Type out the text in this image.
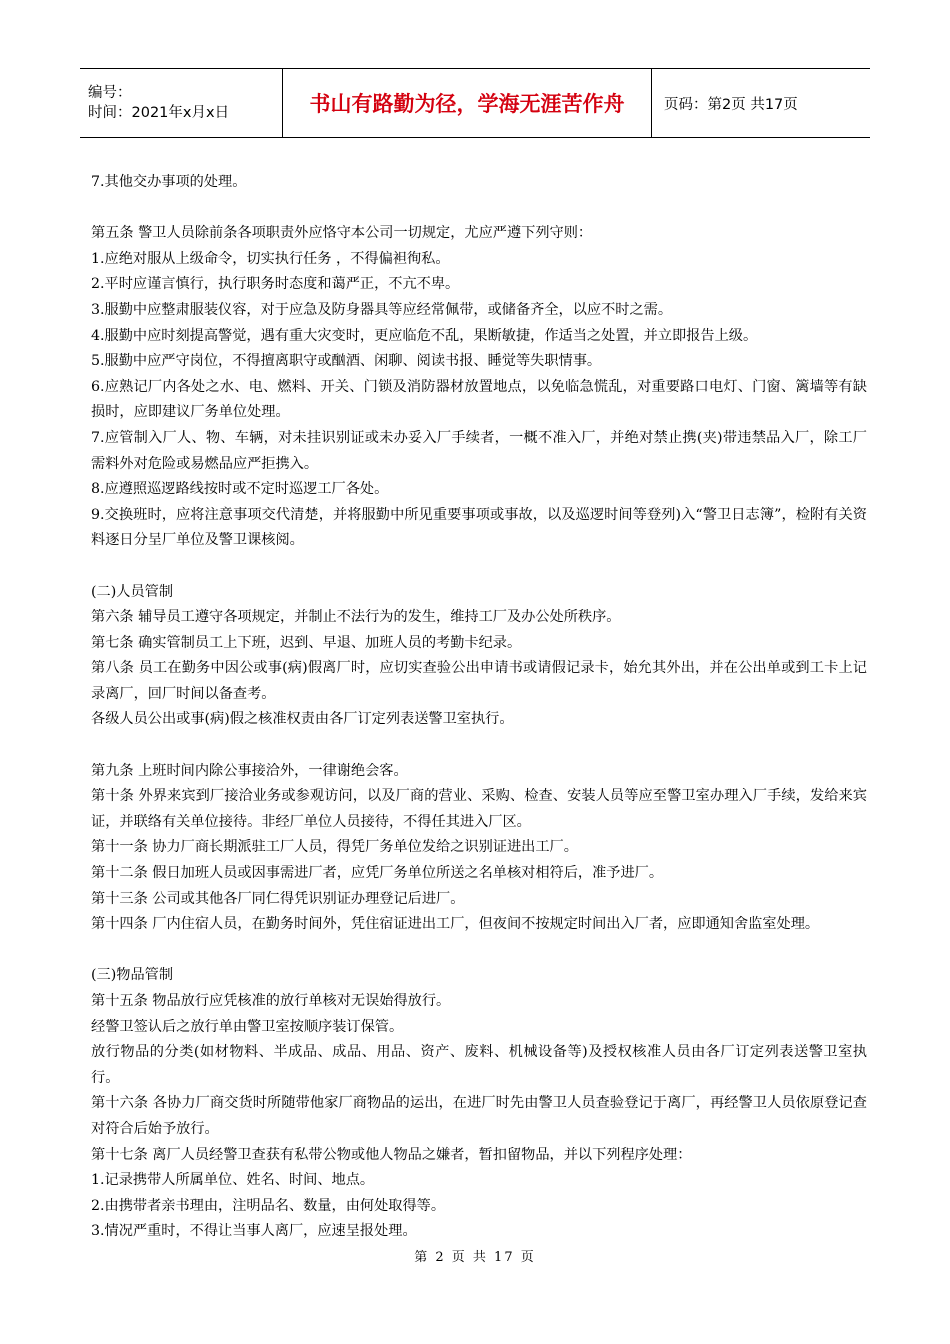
编号：
时间：2021年x月x日	书山有路勤为径，学海无涯苦作舟	页码：第2页 共17页

7.其他交办事项的处理。

第五条 警卫人员除前条各项职责外应恪守本公司一切规定，尤应严遵下列守则：

1.应绝对服从上级命令，切实执行任务 ，不得偏袒徇私。

2.平时应谨言慎行，执行职务时态度和蔼严正，不亢不卑。

3.服勤中应整肃服装仪容，对于应急及防身器具等应经常佩带，或储备齐全，以应不时之需。

4.服勤中应时刻提高警觉，遇有重大灾变时，更应临危不乱，果断敏捷，作适当之处置，并立即报告上级。

5.服勤中应严守岗位，不得擅离职守或酗酒、闲聊、阅读书报、睡觉等失职情事。

6.应熟记厂内各处之水、电、燃料、开关、门锁及消防器材放置地点，以免临急慌乱，对重要路口电灯、门窗、篱墙等有缺损时，应即建议厂务单位处理。

7.应管制入厂人、物、车辆，对未挂识别证或未办妥入厂手续者，一概不准入厂，并绝对禁止携(夹)带违禁品入厂，除工厂需料外对危险或易燃品应严拒携入。

8.应遵照巡逻路线按时或不定时巡逻工厂各处。

9.交换班时，应将注意事项交代清楚，并将服勤中所见重要事项或事故，以及巡逻时间等登列)入“警卫日志簿”，检附有关资料逐日分呈厂单位及警卫课核阅。

(二)人员管制

第六条 辅导员工遵守各项规定，并制止不法行为的发生，维持工厂及办公处所秩序。

第七条 确实管制员工上下班，迟到、早退、加班人员的考勤卡纪录。

第八条 员工在勤务中因公或事(病)假离厂时，应切实查验公出申请书或请假记录卡，始允其外出，并在公出单或到工卡上记录离厂，回厂时间以备查考。

各级人员公出或事(病)假之核准权责由各厂订定列表送警卫室执行。

第九条 上班时间内除公事接洽外，一律谢绝会客。

第十条 外界来宾到厂接洽业务或参观访问，以及厂商的营业、采购、检查、安装人员等应至警卫室办理入厂手续，发给来宾证，并联络有关单位接待。非经厂单位人员接待，不得任其进入厂区。

第十一条 协力厂商长期派驻工厂人员，得凭厂务单位发给之识别证进出工厂。

第十二条 假日加班人员或因事需进厂者，应凭厂务单位所送之名单核对相符后，准予进厂。

第十三条 公司或其他各厂同仁得凭识别证办理登记后进厂。

第十四条 厂内住宿人员，在勤务时间外，凭住宿证进出工厂，但夜间不按规定时间出入厂者，应即通知舍监室处理。

(三)物品管制

第十五条 物品放行应凭核准的放行单核对无误始得放行。

经警卫签认后之放行单由警卫室按顺序装订保管。

放行物品的分类(如材物料、半成品、成品、用品、资产、废料、机械设备等)及授权核准人员由各厂订定列表送警卫室执行。

第十六条 各协力厂商交货时所随带他家厂商物品的运出，在进厂时先由警卫人员查验登记于离厂，再经警卫人员依原登记查对符合后始予放行。

第十七条 离厂人员经警卫查获有私带公物或他人物品之嫌者，暂扣留物品，并以下列程序处理：

1.记录携带人所属单位、姓名、时间、地点。

2.由携带者亲书理由，注明品名、数量，由何处取得等。

3.情况严重时，不得让当事人离厂，应速呈报处理。

第 2 页 共 17 页
